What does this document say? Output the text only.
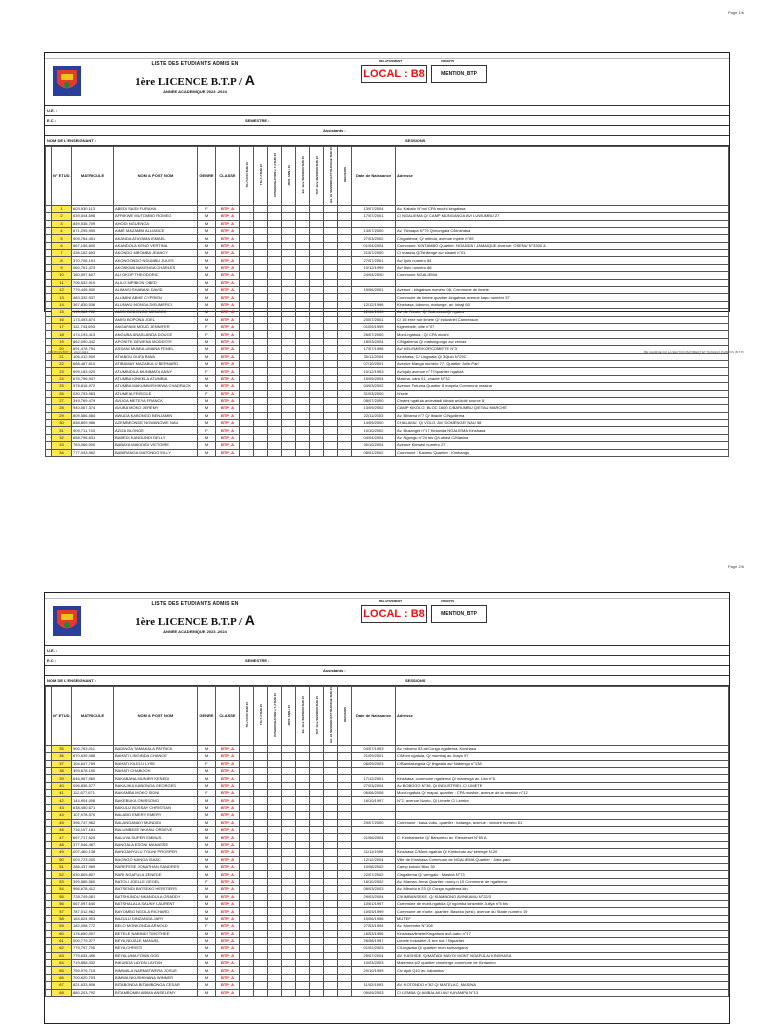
Page 1/6
LISTE DES ETUDIANTS ADMIS EN
1ère LICENCE B.T.P / A
ANNEE ACADEMIQUE 2023 -2024
RELATIVEMENT	CREDITS
LOCAL : B8	MENTION_BTP
U.E. :
E.C :	SEMESTRE :
Assistants :
NOM DE L'ENSEIGNANT :	SESSIONS
	N° ETUD.	MATRICULE	NOM & POST NOM	GENRE	CLASSE	TD+T.P/20 SUR 20	TD+T.J SUR 20	INTERROGATION e T.J SUR 20	MOY. ANN./ 20	EX. 1ère SESSION SUR 20	TOT 1ère SESSION SUR 20	EX. 2è SESSION RATTRAPAGE SUR 20	RECOURS	Date de Naissance	Adresse
	1	603,930,113	ABEDI SAIDI FURAHA	F	BTP_A									13/07/2004	Av. Kabalo N°nol CPA muchi kingabwa
	2	639,544,696	AFRIKWE MUTOMBO ROMEO	M	BTP_A									17/07/2001	C/ NGALIEMA Q/ CAMP MUNGANGA AV/ LUWUMBU 27
	3	849,536,709	AHODI NGUENGA	M	BTP_A										
	4	671,295,900	AIMÉ MAZAMBI ALLIANCE	M	BTP_A									13/07/2000	Av. Tshuapa N°79 Q/mongala C/kinshasa
	5	909,764,491	AKANDA ATAYAMA ISMAEL	M	BTP_A									27/03/2002	C/ngaliema; Q/ mfinda, avenue mpele n°69
	6	667,156,600	AKANDOLA KENO VERTINA	M	BTP_A									01/04/2004	Commune: KINTAMBO Quartier: NGANDA / JAMAIQUE Avenue: OSENU N°3300 &
	7	436,162,693	AKONDO MBOMBA JEANCY	M	BTP_A									21/07/2000	C/ masina Q/Tshilenge av/ sisami n°01
	8	370,706,191	AKONGONDO NDUMBU JULES	M	BTP_A									27/07/2001	Av/ Ijolo numéro 84
	9	060,761,473	AKONKWA BAKENGA CHARLES	M	BTP_A									10/12/1999	Av/ Itolo numéro 86
	10	180,097,607	ALI OKOP THEODORIC	M	BTP_A									24/04/2000	Commune NGALIEMA
	11	706,532,910	ALILO MPIBION OBED	M	BTP_A										
	12	779,445,900	ALIMASI SHABANI DAVID	M	BTP_A									15/06/2001	Avenue : kingabwa numéro 08, Commune de limete
	13	483,332,937	ALUMINI ABHE CYPRIEN	M	BTP_A										Commune de limete quartier kingabwa avenue kapu numéro 37
	14	367,830,536	ALUNWU MONGA DIEUMERCI	M	BTP_A									12/12/1996	Kinshasa, lubumu, matonge, av. lubaji 60
	15	193,062,722	AMISI BOBONGO MENOCK	M	BTP_A									12/04/1990	Av. de l'école, Q/ Salembao/Q/ ngaboi
	16	173,493,874	AMISI BOPONA JOEL	M	BTP_A									20/07/2001	C/ 16 ème rue limete Q/ industriel Cannesson
	17	112,743,693	ANGAFAMI MOUD JENNIFER	F	BTP_A									01/09/1999	Kigembele; ville n°07
	18	474,193,413	ANGUBA ANASLANDA DOUCE	F	BTP_A									26/07/2000	Mont-ngafula ; Q/ CPA mushi
	19	862,090,442	APONITE DEWENA MODESTE	M	BTP_A									18/03/2004	C/Ngaliema Q/ matsingongo av/ zenias
	20	891,478,794	ASSANI MUMULUMANA FENEL	M	BTP_A									17/07/1996	Av/ KELEMIE/KORCOMIETE N°3
	21	106,412,900	ATIABOU DUFA BIWA	M	BTP_A									30/11/2004	Kinshasa; C/ Lingwala Q/ 30juin N°29C
	22	668,487,610	ATIBAMAY MAZABULU BERNARD	M	BTP_A									07/10/2001	Avenue Manga numéro 77, Quartier Jolie-Parl
	23	699,183,020	ATUMBIDILA MUNIMATA ANNY	F	BTP_A									10/12/1993	Av/ojaki avenue n°77/quartier ngafula
	24	676,796,947	ATUMBA KINKELA ATUMBIA	M	BTP_A									15/09/2004	Masina, cara 01, chanté N°32
	25	978,816,972	ATUMBA MAKUMWISHIKWA CHADRACK	M	BTP_A									04/03/2002	Avenue Futuma Quartier 8 mapela Commune masina
	26	030,793,963	ATUMEIA FRISCILE	F	BTP_A									31/03/2000	N'sele
	27	349,769,479	AVUGA METEYA FRANCK	M	BTP_A									08/07/2000	Cinami ngafula av/matadi kibala av/dolé source 8
	28	940,067,374	AVUBA MOKO JEREMY	M	BTP_A									13/09/2002	CAMP KIKOLO, BLOC 1600 C/BARUMBU Q/ETAU MARCHÉ
	29	809,586,584	AWUDA KABONGO BENJAMIN	M	BTP_A									22/11/2003	Av. Binama n°7 Q/ Ibiacle C/Ngaliema
	30	658,809,986	AZEMBEONDE NGWANGWE NAU	M	BTP_A									14/09/2000	CHALAMU, Q/ VOLO, AV/ DOMENGE/ NAU 58
	31	909,711,743	AZIZA BLONGE	F	BTP_A									10/10/2002	Av. Busanghi n°17 Kinlanda NGALIEMA Kinshasa
	32	658,796,631	BABEDI KANGUNDI DELLY	M	BTP_A									04/04/2004	Av. Ngungu n°24 bis Q/Lubavi C/Masina
	33	763,066,000	BABAYA MAKIDIDI VICTOIRE	M	BTP_A									30/10/2004	Avenue Kimwisi numéro 27
	34	777,043,962	BABIRANGA MATONDO EILLY	M	BTP_A									06/01/2002	Commune : Kalamu Quartier : Kimbangu
MENTION BTP_A_2023 2024	BE CHARGE DU LA SECTION BATIMENT ET TRAVAUX PUBLICS (B.T.P)
Page 2/6
LISTE DES ETUDIANTS ADMIS EN
1ère LICENCE B.T.P / A
ANNEE ACADEMIQUE 2023 -2024
RELATIVEMENT	CREDITS
LOCAL : B8	MENTION_BTP
U.E. :
E.C :	SEMESTRE :
Assistants :
NOM DE L'ENSEIGNANT :	SESSIONS
	N° ETUD.	MATRICULE	NOM & POST NOM	GENRE	CLASSE	TD+T.P/20 SUR 20	TD+T.J SUR 20	INTERROGATION e T.J SUR 20	MOY. ANN./ 20	EX. 1ère SESSION SUR 20	TOT 1ère SESSION SUR 20	EX. 2è SESSION RATTRAPAGE SUR 20	RECOURS	Date de Naissance	Adresse
	35	900,763,011	BADINGA TAMAKALA PATRICK	M	BTP_A									04/07/1993	Av. mbomo 53 ar/Congo ngaliema: Kinshasa
	36	670,639,086	BAHATI LINGINDA CHANCE	M	BTP_A									21/09/2001	C/Mont ngafula, Q/ mumbaj av. Ibayo 97
	37	104,647,769	BAHATI KILELU LYSE	F	BTP_A									06/09/2003	C/Bandalungwa Q/ lingwala av/ Nabengo n°138
	38	393,678,190	BAHATI CHABOOH	M	BTP_A										
	39	646,967,960	BAKABANA MUNIER KENEDI	M	BTP_A									17/12/2001	Kinshasa, commune ngaliema Q/ manenga av. Lea n°6
	40	096,836,577	BAKAJIKA KABONGA GEORGES	M	BTP_A									27/03/2004	Av BOBOGO N°36, Q/ INDUSTRIEL C/ LIMETE
	41	112,677,671	BAKAMBA MOKO SIDNI	F	BTP_A									06/06/2008	Mont-ngafula Q/ mapal, quartier : CPA mushie, avenue de la mission n°12
	42	144,904,006	BAKEBUKA ONISSONO	M	BTP_A									16/10/1997	N°2, avenue Nzoto, Q/ Limete C/ Lemba
	43	638,450,671	BAKULU BOSSAY CHRISTIAN	M	BTP_A										
	44	107,978,570	BALABO EMERY EMERY	M	BTP_A										
	45	396,747,962	BALANGANAYI MUNDIDI	M	BTP_A									29/07/2000	Commune : kasa-vubu, quartier : katanga, avenue : victoire numéro 61
	46	716,107,181	BALUMBEZE NKANU ORDEVE	M	BTP_A										
	47	697,717,620	BALUVA SUPER EMMUS	M	BTP_A									21/06/2004	C. Kimbanseke Q/ Bahumbu av. Etendeset N°69 A
	48	377,946,467	BANGALA EDONI MANASSE	M	BTP_A										
	49	007,460,138	BANGANYULU TOLINI PROSPER	M	BTP_A									11/11/1999	Kinshasa C/Mont ngafula Q/ Kimbondo av/ kelenge N.20
	50	003,723,000	BAONGO NANGA ISAAC	M	BTP_A									12/12/2004	Ville de Kinshasa Commune de NGALIEMA Quartier : Jolie-parc
	51	286,437,969	BAREFESE JONATHAN SANDRES	M	BTP_A									10/08/2002	Camp kokolo Bloc 30
	52	630,809,807	BARI NGAFULA ZENEDE	M	BTP_A									22/07/2002	Cingaliema Q/ wengalo : Masina N°73
	53	399,585,560	BATOLI JOELLE GEOEL	F	BTP_A									16/10/2002	Av. Maman Jema Quartier: muny n 10 Commune de ngaliema
	54	966,678,412	BATSENDI BATSEKO HERITIERS	M	BTP_A									08/03/2003	Av. Mbomo b 23 Q/ Congo ngaliema kin
	55	728,749,081	BATSHUNDU NKANDULA GRADDY	M	BTP_A									29/03/2004	C/KIMBANSEKE, Q/ KIAMBONO AV/NKAMU N°22/3
	56	067,097,640	BATSHALALA SAUNY LAURENT	M	BTP_A									10/01/1997	Commune de mont-ngafula Q/ ngomba kinsmble Juliya n°5 bis
	57	787,012,962	BAYOMBO NGOLA RICHARD	M	BTP_A									10/03/1999	Commune de n'sele, quartier: Baseka (sesi), avenue du Stade numéro 19
	58	164,624,903	BAZULU DINZANGA JARY	M	BTP_A									10/06/1996	MUTEF
	59	182,098,772	BELO MONKONDA ARNOLD	F	BTP_A									27/03/1994	Av. Murembe N°106
	60	176,650,007	BETELE NABINDI TIMOTHEE	M	BTP_A									16/03/1996	Kinshasa/limete/Kingabwa av/Luabu n°17
	61	000,779,377	BEYA NDJALE MANUEL	M	BTP_A									26/08/1997	Limete Industriel /1 ere rue / Nquartier
	62	779,797,700	BEYA CHRISTI	M	BTP_A									01/02/2003	C/Lingwala Q/ quartier mon somangana
	63	779,634,496	BEYALUMA FOWA GOD	M	BTP_A									25/07/2004	AV. KASHIDE /Q/MATADI MAYO/ MONT NGAFULA/ KINSHASA
	64	719,858,432	BIKUNDA LAYDN LAYDIN	M	BTP_A									10/03/2003	Malemba p/2 quartier cimeterge commune de Kintambo
	65	759,976,715	BIMWALA NARMATWERA JOSUE	M	BTP_A									20/10/1999	Civ ajuti Q10 av. kabamba
	66	700,620,703	BIMWA NKUSHIMANA WINNER	M	BTP_A										
	67	821,633,906	BITABONDA BITAMBONGA CESAR	M	BTP_A									11/02/1993	AV. KOTONDO n°62 Q/ MATELAC, MASINA
	68	880,203,792	BITAMBOMBI ABIMA ANSELEMY	M	BTP_A									09/09/2003	C/ LEMBA Q/ AMBALAKI AV/ KAYAMPA N°13
